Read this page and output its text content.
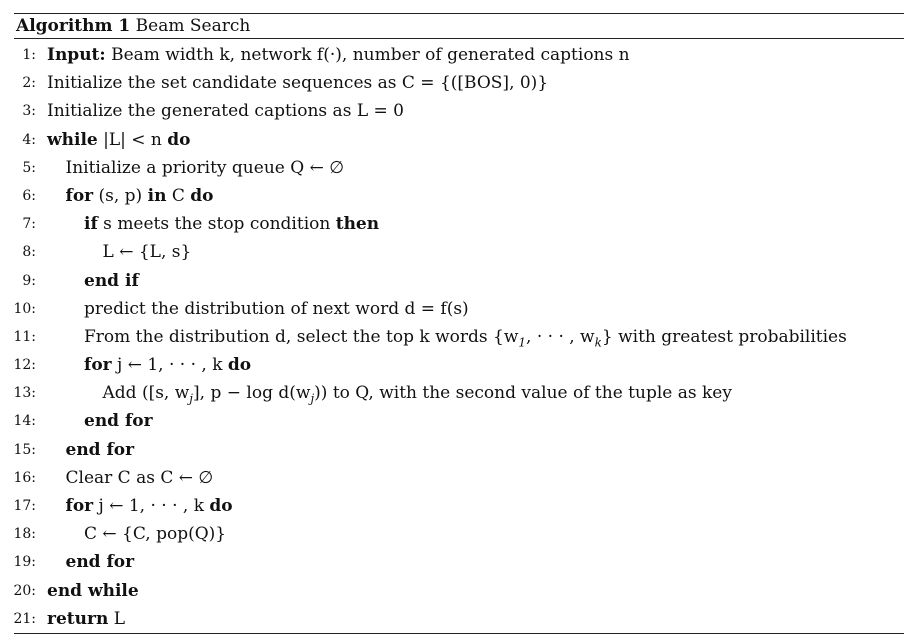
Algorithm 1 Beam Search
1: Input: Beam width k, network f(·), number of generated captions n
2: Initialize the set candidate sequences as C = {([BOS], 0)}
3: Initialize the generated captions as L = 0
4: while |L| < n do
5: Initialize a priority queue Q ← ∅
6: for (s, p) in C do
7:	if s meets the stop condition then
8:	L ← {L, s}
9:	end if
10:	predict the distribution of next word d = f(s)
11:	From the distribution d, select the top k words {$w_1$, · · · , $w_k$} with greatest probabilities
12:	for j ← 1, · · · , k do
13:	Add ([s, $w_j$], $p - \log d(w_j)$) to Q, with the second value of the tuple as key
14:	end for
15: end for
16: Clear C as C ← ∅
17: for j ← 1, · · · , k do
18:	C ← {C, pop(Q)}
19: end for
20: end while
21: return L
